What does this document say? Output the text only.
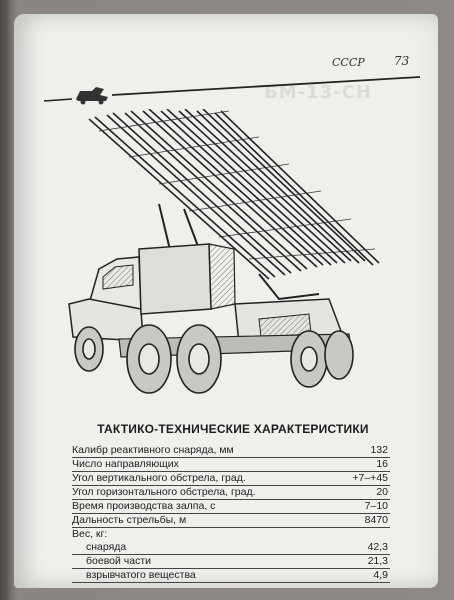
СССР 73
БМ-13-СН
ТАКТИКО-ТЕХНИЧЕСКИЕ ХАРАКТЕРИСТИКИ
Калибр реактивного снаряда, мм	132
Число направляющих	16
Угол вертикального обстрела, град.	+7–+45
Угол горизонтального обстрела, град.	20
Время производства залпа, с	7–10
Дальность стрельбы, м	8470
Вес, кг:
снаряда	42,3
боевой части	21,3
взрывчатого вещества	4,9
